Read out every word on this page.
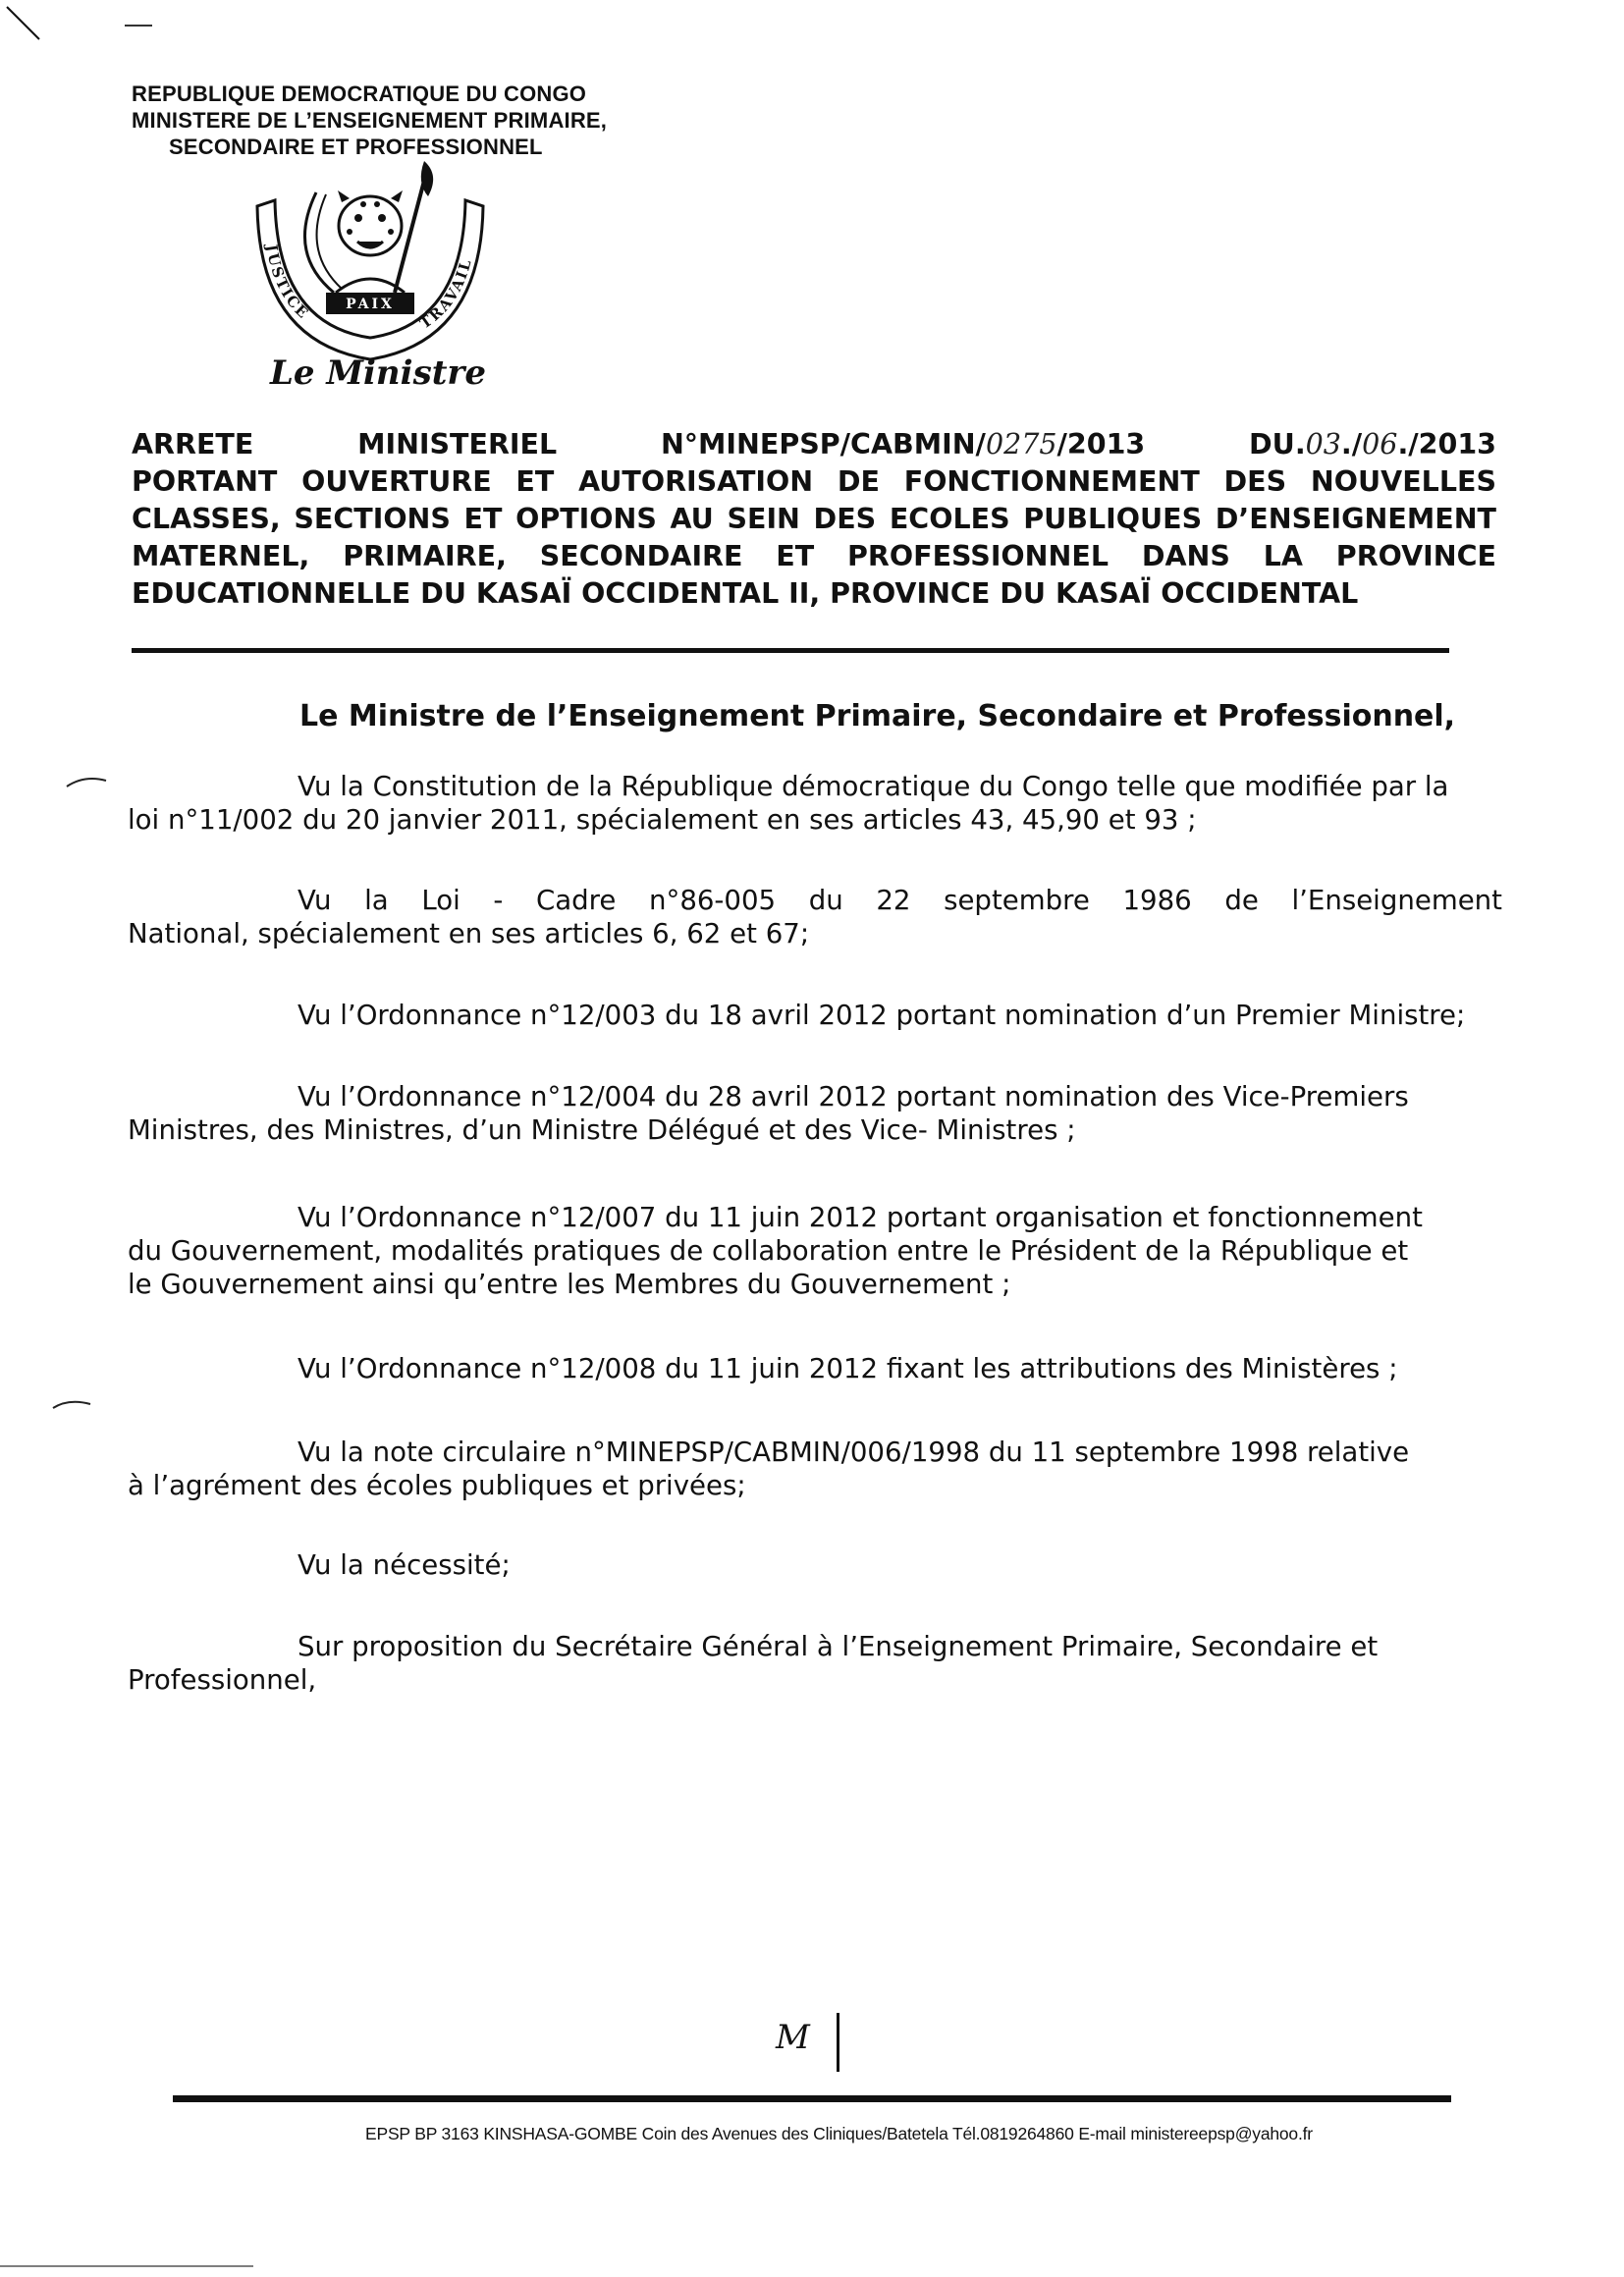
REPUBLIQUE DEMOCRATIQUE DU CONGO
MINISTERE DE L’ENSEIGNEMENT PRIMAIRE,
SECONDAIRE ET PROFESSIONNEL
JUSTICE	TRAVAIL
PAIX
Le Ministre
ARRETE	MINISTERIEL	N°MINEPSP/CABMIN/0275/2013	DU.03./06./2013
PORTANT OUVERTURE ET AUTORISATION DE FONCTIONNEMENT DES NOUVELLES
CLASSES, SECTIONS ET OPTIONS AU SEIN DES ECOLES PUBLIQUES D’ENSEIGNEMENT
MATERNEL, PRIMAIRE, SECONDAIRE ET PROFESSIONNEL DANS LA PROVINCE
EDUCATIONNELLE DU KASAÏ OCCIDENTAL II, PROVINCE DU KASAÏ OCCIDENTAL
Le Ministre de l’Enseignement Primaire, Secondaire et Professionnel,
Vu la Constitution de la République démocratique du Congo telle que modifiée par la
loi n°11/002 du 20 janvier 2011, spécialement en ses articles 43, 45,90 et 93 ;
Vu la Loi - Cadre n°86-005 du 22 septembre 1986 de l’Enseignement
National, spécialement en ses articles 6, 62 et 67;
Vu l’Ordonnance n°12/003 du 18 avril 2012 portant nomination d’un Premier Ministre;
Vu l’Ordonnance n°12/004 du 28 avril 2012 portant nomination des Vice-Premiers
Ministres, des Ministres, d’un Ministre Délégué et des Vice- Ministres ;
Vu l’Ordonnance n°12/007 du 11 juin 2012 portant organisation et fonctionnement
du Gouvernement, modalités pratiques de collaboration entre le Président de la République et
le Gouvernement ainsi qu’entre les Membres du Gouvernement ;
Vu l’Ordonnance n°12/008 du 11 juin 2012 fixant les attributions des Ministères ;
Vu la note circulaire n°MINEPSP/CABMIN/006/1998 du 11 septembre 1998 relative
à l’agrément des écoles publiques et privées;
Vu la nécessité;
Sur proposition du Secrétaire Général à l’Enseignement Primaire, Secondaire et
Professionnel,
M
EPSP BP 3163 KINSHASA-GOMBE Coin des Avenues des Cliniques/Batetela Tél.0819264860 E-mail ministereepsp@yahoo.fr
